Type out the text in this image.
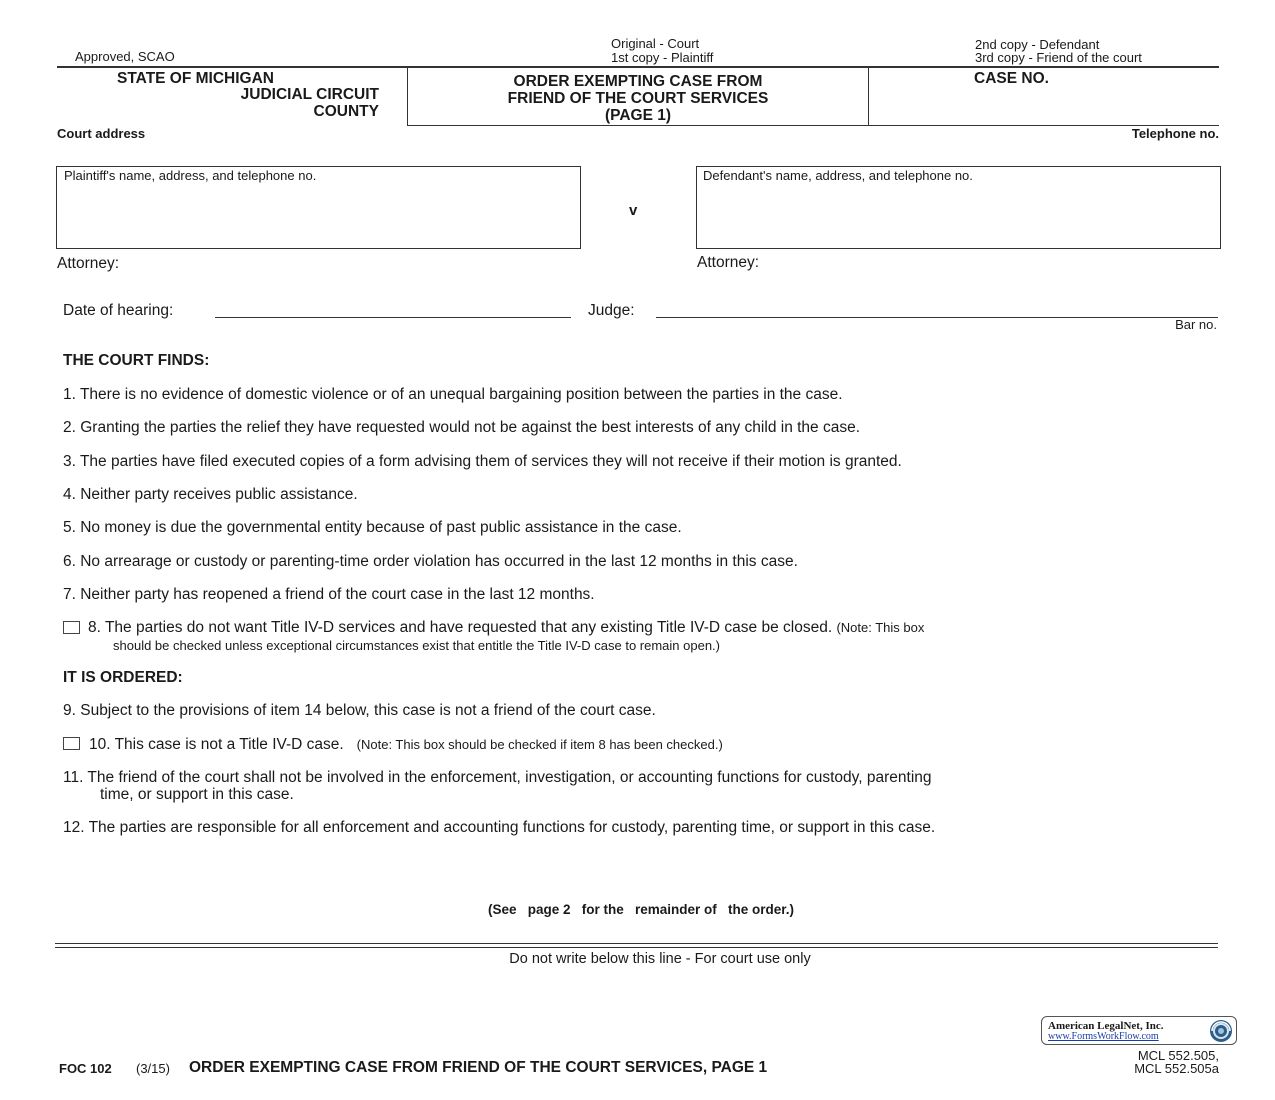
Approved, SCAO
Original - Court
1st copy - Plaintiff
2nd copy - Defendant
3rd copy - Friend of the court
STATE OF MICHIGAN
JUDICIAL CIRCUIT
COUNTY
ORDER EXEMPTING CASE FROM
FRIEND OF THE COURT SERVICES
(PAGE 1)
CASE NO.
Court address	Telephone no.
Plaintiff's name, address, and telephone no.
v
Defendant's name, address, and telephone no.
Attorney:	Attorney:
Date of hearing:	Judge:
Bar no.
THE COURT FINDS:
1. There is no evidence of domestic violence or of an unequal bargaining position between the parties in the case.
2. Granting the parties the relief they have requested would not be against the best interests of any child in the case.
3. The parties have filed executed copies of a form advising them of services they will not receive if their motion is granted.
4. Neither party receives public assistance.
5. No money is due the governmental entity because of past public assistance in the case.
6. No arrearage or custody or parenting-time order violation has occurred in the last 12 months in this case.
7. Neither party has reopened a friend of the court case in the last 12 months.
8. The parties do not want Title IV-D services and have requested that any existing Title IV-D case be closed. (Note: This box
should be checked unless exceptional circumstances exist that entitle the Title IV-D case to remain open.)
IT IS ORDERED:
9. Subject to the provisions of item 14 below, this case is not a friend of the court case.
10. This case is not a Title IV-D case. (Note: This box should be checked if item 8 has been checked.)
11. The friend of the court shall not be involved in the enforcement, investigation, or accounting functions for custody, parenting
time, or support in this case.
12. The parties are responsible for all enforcement and accounting functions for custody, parenting time, or support in this case.
(See   page 2   for the   remainder of   the order.)
Do not write below this line - For court use only
American LegalNet, Inc.
www.FormsWorkFlow.com
FOC 102 (3/15) ORDER EXEMPTING CASE FROM FRIEND OF THE COURT SERVICES, PAGE 1
MCL 552.505,
MCL 552.505a
